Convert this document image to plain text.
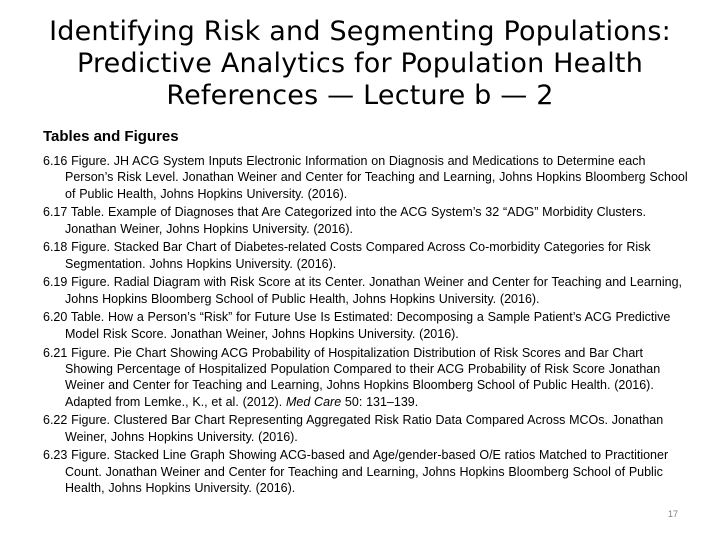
Identifying Risk and Segmenting Populations:
Predictive Analytics for Population Health
References — Lecture b — 2
Tables and Figures
6.16 Figure. JH ACG System Inputs Electronic Information on Diagnosis and Medications to Determine each Person’s Risk Level. Jonathan Weiner and Center for Teaching and Learning, Johns Hopkins Bloomberg School of Public Health, Johns Hopkins University. (2016).
6.17 Table. Example of Diagnoses that Are Categorized into the ACG System’s 32 “ADG” Morbidity Clusters. Jonathan Weiner, Johns Hopkins University. (2016).
6.18 Figure. Stacked Bar Chart of Diabetes-related Costs Compared Across Co-morbidity Categories for Risk Segmentation. Johns Hopkins University. (2016).
6.19 Figure. Radial Diagram with Risk Score at its Center. Jonathan Weiner and Center for Teaching and Learning, Johns Hopkins Bloomberg School of Public Health, Johns Hopkins University. (2016).
6.20 Table. How a Person’s “Risk” for Future Use Is Estimated: Decomposing a Sample Patient’s ACG Predictive Model Risk Score. Jonathan Weiner, Johns Hopkins University. (2016).
6.21 Figure. Pie Chart Showing ACG Probability of Hospitalization Distribution of Risk Scores and Bar Chart Showing Percentage of Hospitalized Population Compared to their ACG Probability of Risk Score Jonathan Weiner and Center for Teaching and Learning, Johns Hopkins Bloomberg School of Public Health. (2016). Adapted from Lemke., K., et al. (2012). Med Care 50: 131–139.
6.22 Figure. Clustered Bar Chart Representing Aggregated Risk Ratio Data Compared Across MCOs. Jonathan Weiner, Johns Hopkins University. (2016).
6.23 Figure. Stacked Line Graph Showing ACG-based and Age/gender-based O/E ratios Matched to Practitioner Count. Jonathan Weiner and Center for Teaching and Learning, Johns Hopkins Bloomberg School of Public Health, Johns Hopkins University. (2016).
17
